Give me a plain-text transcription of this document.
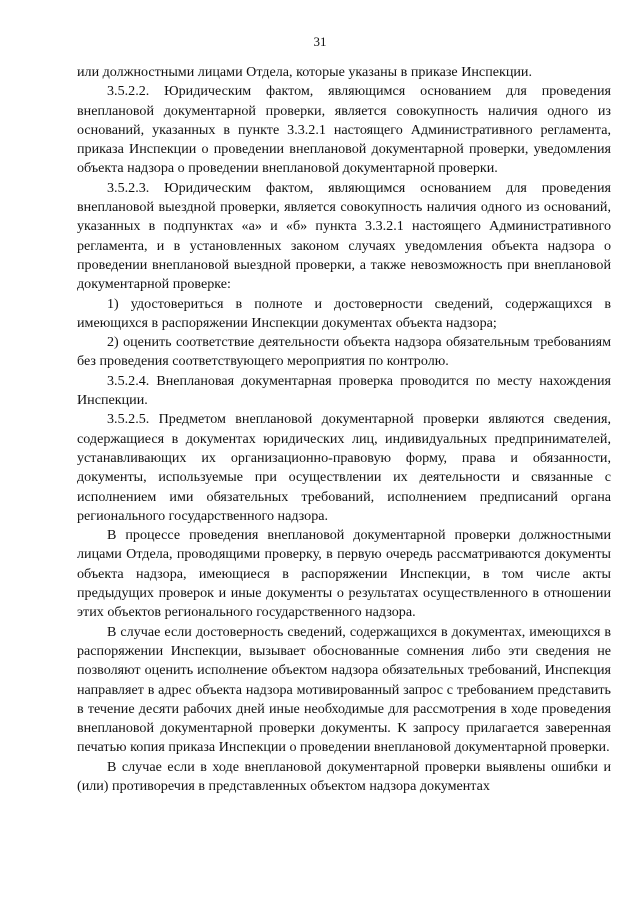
31

или должностными лицами Отдела, которые указаны в приказе Инспекции.

3.5.2.2. Юридическим фактом, являющимся основанием для проведения внеплановой документарной проверки, является совокупность наличия одного из оснований, указанных в пункте 3.3.2.1 настоящего Административного регламента, приказа Инспекции о проведении внеплановой документарной проверки, уведомления объекта надзора о проведении внеплановой документарной проверки.

3.5.2.3. Юридическим фактом, являющимся основанием для проведения внеплановой выездной проверки, является совокупность наличия одного из оснований, указанных в подпунктах «а» и «б» пункта 3.3.2.1 настоящего Административного регламента, и в установленных законом случаях уведомления объекта надзора о проведении внеплановой выездной проверки, а также невозможность при внеплановой документарной проверке:

1) удостовериться в полноте и достоверности сведений, содержащихся в имеющихся в распоряжении Инспекции документах объекта надзора;

2) оценить соответствие деятельности объекта надзора обязательным требованиям без проведения соответствующего мероприятия по контролю.

3.5.2.4. Внеплановая документарная проверка проводится по месту нахождения Инспекции.

3.5.2.5. Предметом внеплановой документарной проверки являются сведения, содержащиеся в документах юридических лиц, индивидуальных предпринимателей, устанавливающих их организационно-правовую форму, права и обязанности, документы, используемые при осуществлении их деятельности и связанные с исполнением ими обязательных требований, исполнением предписаний органа регионального государственного надзора.

В процессе проведения внеплановой документарной проверки должностными лицами Отдела, проводящими проверку, в первую очередь рассматриваются документы объекта надзора, имеющиеся в распоряжении Инспекции, в том числе акты предыдущих проверок и иные документы о результатах осуществленного в отношении этих объектов регионального государственного надзора.

В случае если достоверность сведений, содержащихся в документах, имеющихся в распоряжении Инспекции, вызывает обоснованные сомнения либо эти сведения не позволяют оценить исполнение объектом надзора обязательных требований, Инспекция направляет в адрес объекта надзора мотивированный запрос с требованием представить в течение десяти рабочих дней иные необходимые для рассмотрения в ходе проведения внеплановой документарной проверки документы. К запросу прилагается заверенная печатью копия приказа Инспекции о проведении внеплановой документарной проверки.

В случае если в ходе внеплановой документарной проверки выявлены ошибки и (или) противоречия в представленных объектом надзора документах
